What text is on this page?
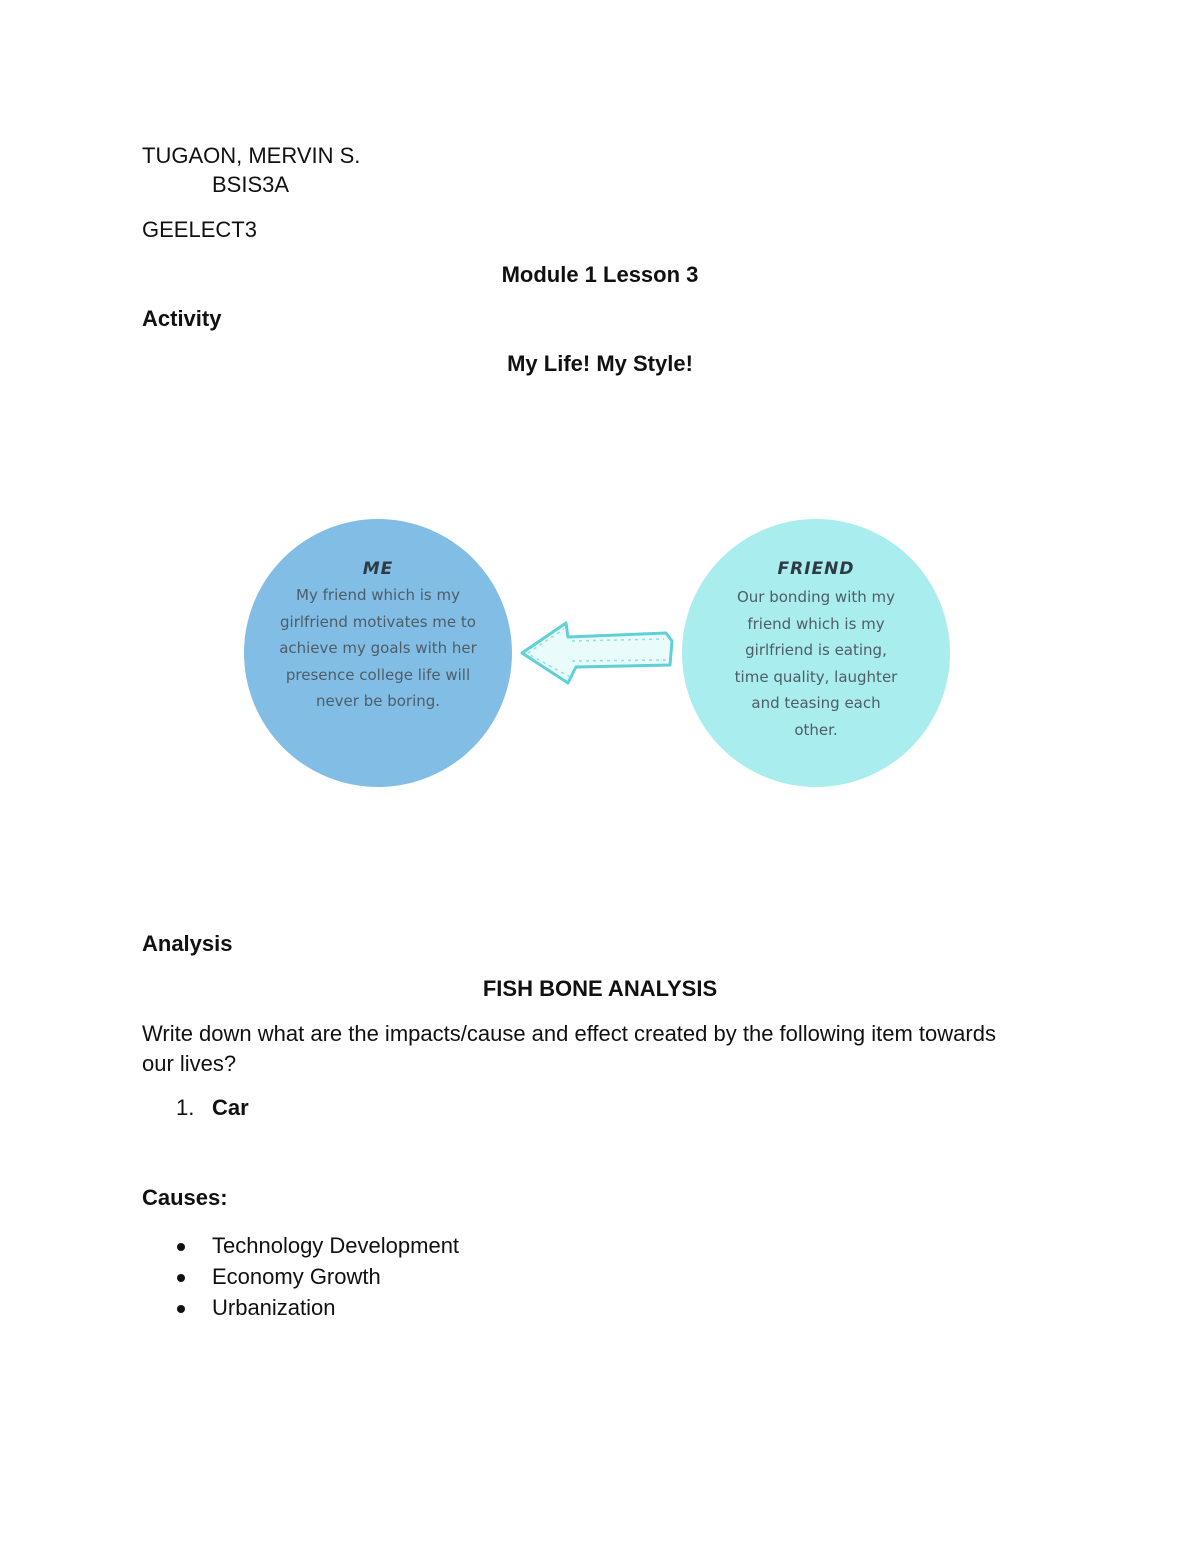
TUGAON, MERVIN S.
BSIS3A
GEELECT3
Module 1 Lesson 3
Activity
My Life! My Style!
ME
My friend which is my
girlfriend motivates me to
achieve my goals with her
presence college life will
never be boring.
FRIEND
Our bonding with my
friend which is my
girlfriend is eating,
time quality, laughter
and teasing each
other.
Analysis
FISH BONE ANALYSIS
Write down what are the impacts/cause and effect created by the following item towards
our lives?
1. Car
Causes:
Technology Development
Economy Growth
Urbanization
